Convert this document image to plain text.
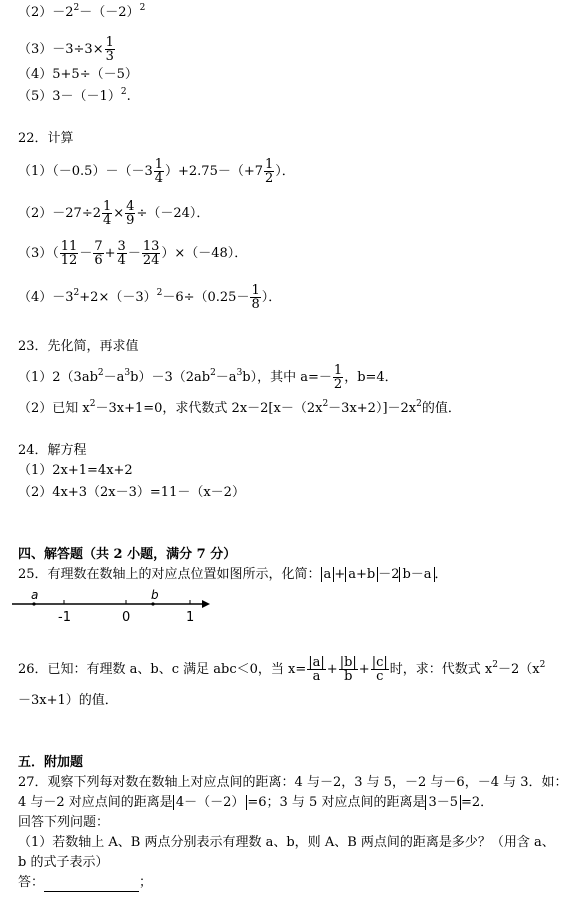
$(2)-2^2-(-2)^2$
$(3)-3\div 3\times \frac{1}{3}$
（4）5+5÷（－5）
$(5)3-(-1)^2$.
22．计算
$(1)(-0.5)-(-3 \frac{1}{4} )+2.75-(+7 \frac{1}{2}$ ）．
$(2)-27\div 2 \frac{1}{4} \times \frac{4}{9} \div(-24)$．
$(3)( \frac{11}{12} - \frac{7}{6} + \frac{3}{4} - \frac{13}{24} )\times(-48)$．
$(4)-3^2+2\times(-3)^2-6\div(0.25- \frac{1}{8}$ ）．
23．先化简，再求值
$(1)2(3ab^2-a^3b)-3(2ab^2-a^3b)$，其中 $a=- \frac{1}{2}$ ，b=4．
（2）已知 $x^2-3x+1=0$，求代数式 $2x-2[x-(2x^2-3x+2)]-2x^2$的值．
24．解方程
（1）2x+1=4x+2
（2）4x+3（2x－3）=11－（x－2）
四、解答题（共 2 小题，满分 7 分）
25．有理数在数轴上的对应点位置如图所示，化简： a + a+b －2 b－a ．
a	b
-1	0	1
26．已知：有理数 a、b、c 满足 abc＜0，当 $x= \frac{|a|}{a} + \frac{|b|}{b} + \frac{|c|}{c}$ 时，求：代数式 $x^2-2(x^2$
－3x+1）的值．
五．附加题
27．观察下列每对数在数轴上对应点间的距离：4 与－2，3 与 5，－2 与－6，－4 与 3．如：
4 与－2 对应点间的距离是 4－（－2） =6；3 与 5 对应点间的距离是 3－5 =2．
回答下列问题：
（1）若数轴上 A、B 两点分别表示有理数 a、b，则 A、B 两点间的距离是多少？（用含 a、
b 的式子表示）
答：	；
